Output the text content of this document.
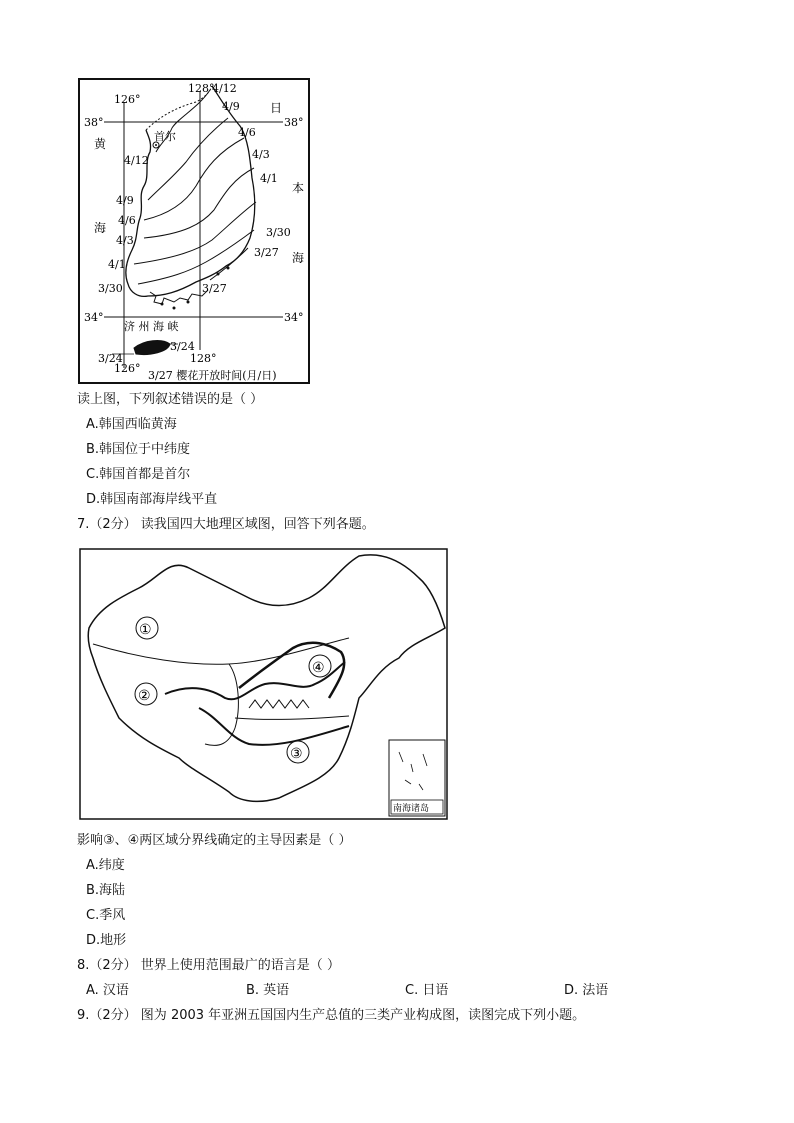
38°	38°
34°	34°
126°
128°
126°
128°
首尔
黄
海
日
本
海
济 州 海 峡
4/12
4/9
4/6
4/3
4/1
3/30
3/27
4/12
4/9
4/6
4/3
4/1
3/30	3/27
3/24
3/24
3/27 樱花开放时间(月/日)
读上图，下列叙述错误的是（ ）
A.韩国西临黄海
B.韩国位于中纬度
C.韩国首都是首尔
D.韩国南部海岸线平直
7.（2分） 读我国四大地理区域图，回答下列各题。
①
②
③
④
南海诸岛
影响③、④两区域分界线确定的主导因素是（ ）
A.纬度
B.海陆
C.季风
D.地形
8.（2分） 世界上使用范围最广的语言是（ ）
A. 汉语	B. 英语	C. 日语	D. 法语
9.（2分） 图为 2003 年亚洲五国国内生产总值的三类产业构成图，读图完成下列小题。
